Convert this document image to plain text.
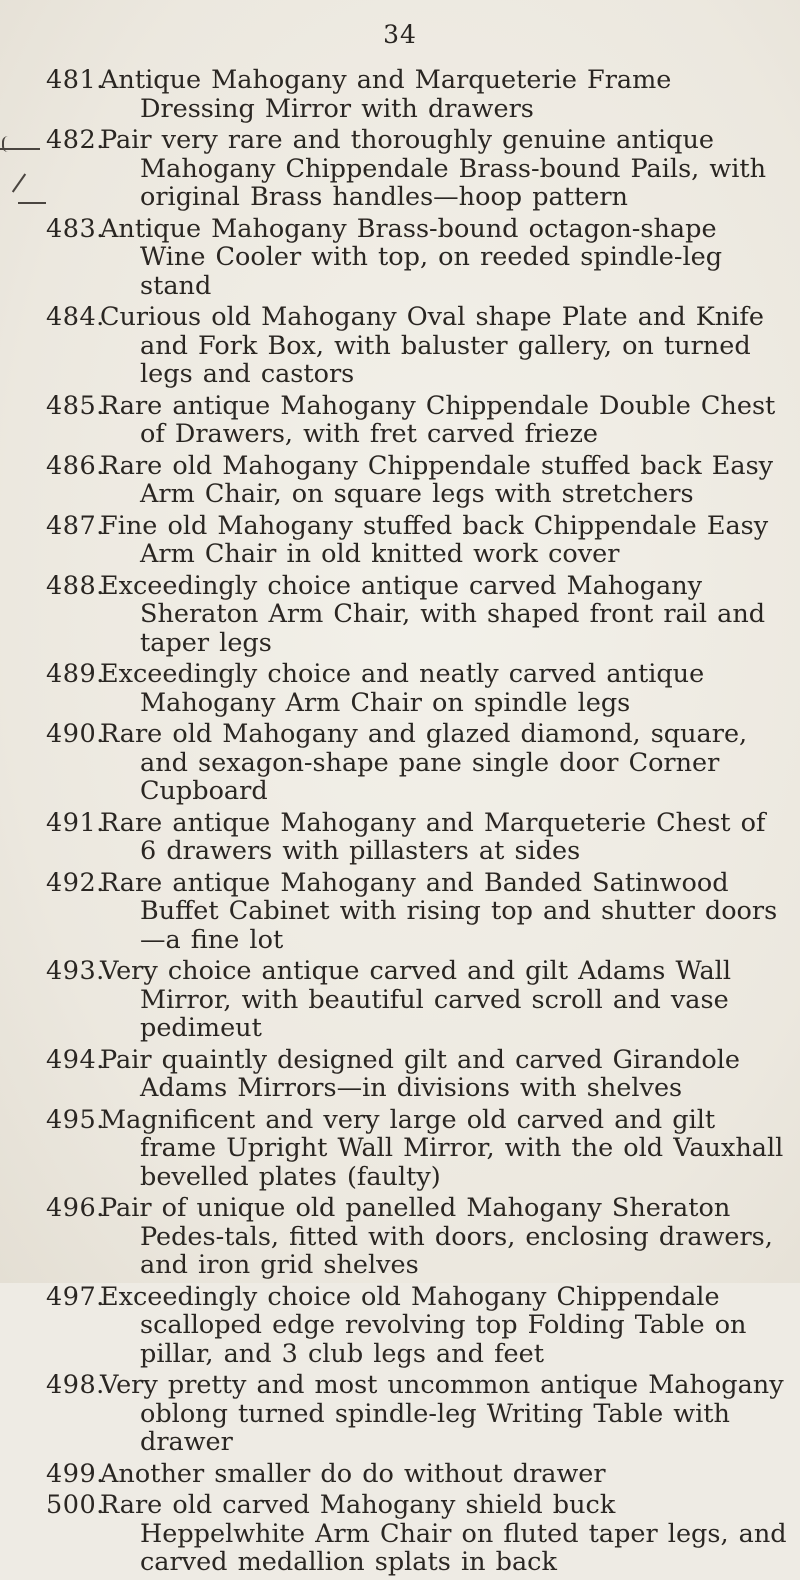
34
481.
Antique Mahogany and Marqueterie Frame Dressing Mirror with drawers
482.
Pair very rare and thoroughly genuine antique Mahogany Chippendale Brass-bound Pails, with original Brass handles—hoop pattern
483.
Antique Mahogany Brass-bound octagon-shape Wine Cooler with top, on reeded spindle-leg stand
484.
Curious old Mahogany Oval shape Plate and Knife and Fork Box, with baluster gallery, on turned legs and castors
485.
Rare antique Mahogany Chippendale Double Chest of Drawers, with fret carved frieze
486.
Rare old Mahogany Chippendale stuffed back Easy Arm Chair, on square legs with stretchers
487.
Fine old Mahogany stuffed back Chippendale Easy Arm Chair in old knitted work cover
488.
Exceedingly choice antique carved Mahogany Sheraton Arm Chair, with shaped front rail and taper legs
489.
Exceedingly choice and neatly carved antique Mahogany Arm Chair on spindle legs
490.
Rare old Mahogany and glazed diamond, square, and sexagon-shape pane single door Corner Cupboard
491.
Rare antique Mahogany and Marqueterie Chest of 6 drawers with pillasters at sides
492.
Rare antique Mahogany and Banded Satinwood Buffet Cabinet with rising top and shutter doors—a fine lot
493.
Very choice antique carved and gilt Adams Wall Mirror, with beautiful carved scroll and vase pedimeut
494.
Pair quaintly designed gilt and carved Girandole Adams Mirrors—in divisions with shelves
495.
Magnificent and very large old carved and gilt frame Upright Wall Mirror, with the old Vauxhall bevelled plates (faulty)
496.
Pair of unique old panelled Mahogany Sheraton Pedes-tals, fitted with doors, enclosing drawers, and iron grid shelves
497.
Exceedingly choice old Mahogany Chippendale scalloped edge revolving top Folding Table on pillar, and 3 club legs and feet
498.
Very pretty and most uncommon antique Mahogany oblong turned spindle-leg Writing Table with drawer
499.
Another smaller do do without drawer
500.
Rare old carved Mahogany shield buck Heppelwhite Arm Chair on fluted taper legs, and carved medallion splats in back
